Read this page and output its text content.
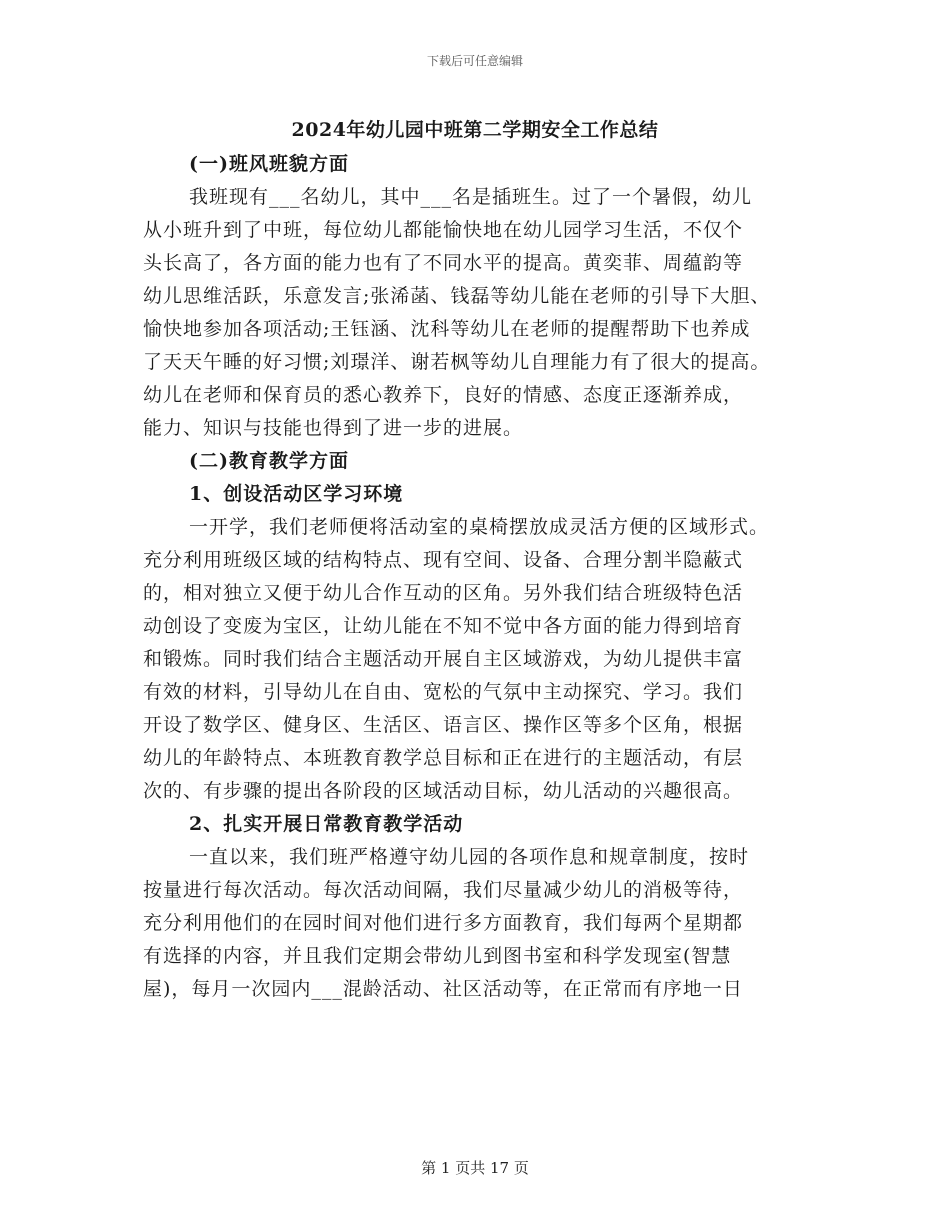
下载后可任意编辑
2024年幼儿园中班第二学期安全工作总结
(一)班风班貌方面
我班现有___名幼儿，其中___名是插班生。过了一个暑假，幼儿
从小班升到了中班，每位幼儿都能愉快地在幼儿园学习生活，不仅个
头长高了，各方面的能力也有了不同水平的提高。黄奕菲、周蕴韵等
幼儿思维活跃，乐意发言;张浠菡、钱磊等幼儿能在老师的引导下大胆、
愉快地参加各项活动;王钰涵、沈科等幼儿在老师的提醒帮助下也养成
了天天午睡的好习惯;刘璟洋、谢若枫等幼儿自理能力有了很大的提高。
幼儿在老师和保育员的悉心教养下，良好的情感、态度正逐渐养成，
能力、知识与技能也得到了进一步的进展。
(二)教育教学方面
1、创设活动区学习环境
一开学，我们老师便将活动室的桌椅摆放成灵活方便的区域形式。
充分利用班级区域的结构特点、现有空间、设备、合理分割半隐蔽式
的，相对独立又便于幼儿合作互动的区角。另外我们结合班级特色活
动创设了变废为宝区，让幼儿能在不知不觉中各方面的能力得到培育
和锻炼。同时我们结合主题活动开展自主区域游戏，为幼儿提供丰富
有效的材料，引导幼儿在自由、宽松的气氛中主动探究、学习。我们
开设了数学区、健身区、生活区、语言区、操作区等多个区角，根据
幼儿的年龄特点、本班教育教学总目标和正在进行的主题活动，有层
次的、有步骤的提出各阶段的区域活动目标，幼儿活动的兴趣很高。
2、扎实开展日常教育教学活动
一直以来，我们班严格遵守幼儿园的各项作息和规章制度，按时
按量进行每次活动。每次活动间隔，我们尽量减少幼儿的消极等待，
充分利用他们的在园时间对他们进行多方面教育，我们每两个星期都
有选择的内容，并且我们定期会带幼儿到图书室和科学发现室(智慧
屋)，每月一次园内___混龄活动、社区活动等，在正常而有序地一日
第 1 页共 17 页
